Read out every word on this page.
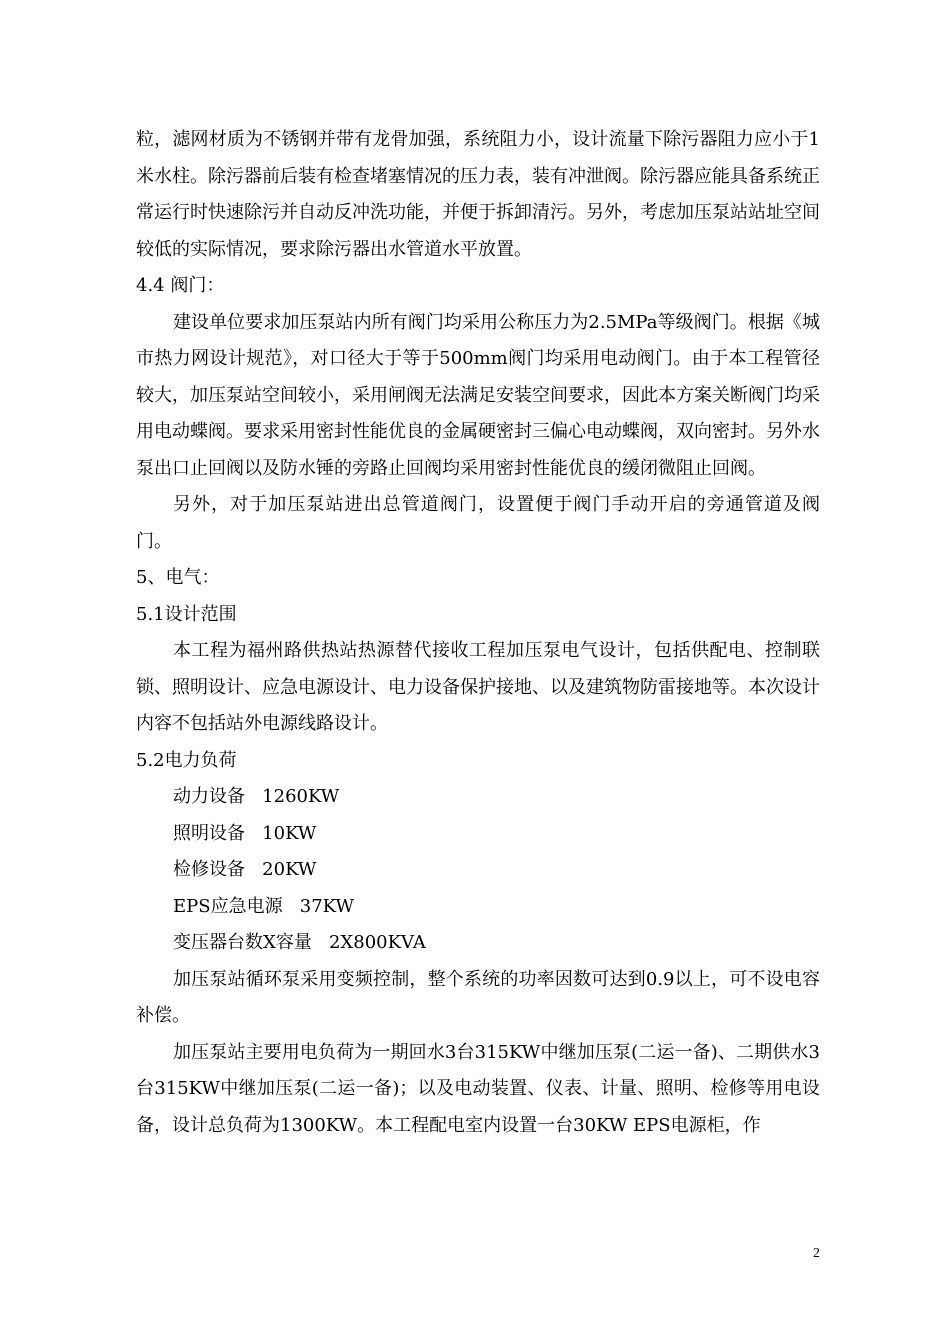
粒，滤网材质为不锈钢并带有龙骨加强，系统阻力小，设计流量下除污器阻力应小于1米水柱。除污器前后装有检查堵塞情况的压力表，装有冲泄阀。除污器应能具备系统正常运行时快速除污并自动反冲洗功能，并便于拆卸清污。另外，考虑加压泵站站址空间较低的实际情况，要求除污器出水管道水平放置。

4.4 阀门：

建设单位要求加压泵站内所有阀门均采用公称压力为2.5MPa等级阀门。根据《城市热力网设计规范》，对口径大于等于500mm阀门均采用电动阀门。由于本工程管径较大，加压泵站空间较小，采用闸阀无法满足安装空间要求，因此本方案关断阀门均采用电动蝶阀。要求采用密封性能优良的金属硬密封三偏心电动蝶阀，双向密封。另外水泵出口止回阀以及防水锤的旁路止回阀均采用密封性能优良的缓闭微阻止回阀。

另外，对于加压泵站进出总管道阀门，设置便于阀门手动开启的旁通管道及阀门。

5、电气：

5.1设计范围

本工程为福州路供热站热源替代接收工程加压泵电气设计，包括供配电、控制联锁、照明设计、应急电源设计、电力设备保护接地、以及建筑物防雷接地等。本次设计内容不包括站外电源线路设计。

5.2电力负荷

动力设备   1260KW

照明设备   10KW

检修设备   20KW

EPS应急电源   37KW

变压器台数X容量   2X800KVA

加压泵站循环泵采用变频控制，整个系统的功率因数可达到0.9以上，可不设电容补偿。

加压泵站主要用电负荷为一期回水3台315KW中继加压泵(二运一备)、二期供水3台315KW中继加压泵(二运一备)；以及电动装置、仪表、计量、照明、检修等用电设备，设计总负荷为1300KW。本工程配电室内设置一台30KW EPS电源柜，作

2
